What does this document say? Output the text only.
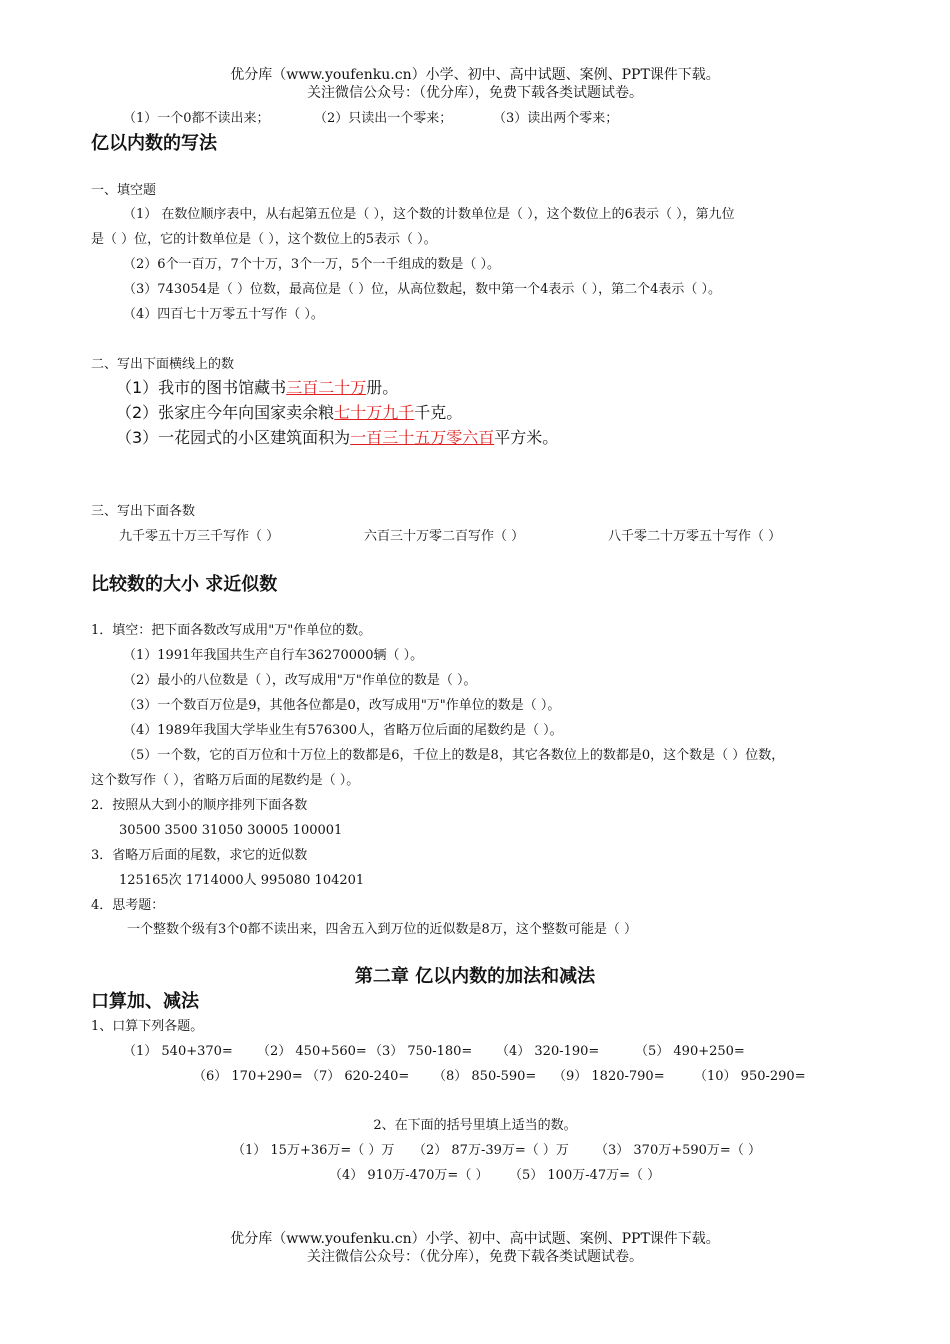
优分库（www.youfenku.cn）小学、初中、高中试题、案例、PPT课件下载。
关注微信公众号：（优分库），免费下载各类试题试卷。
（1）一个0都不读出来；	（2）只读出一个零来；	（3）读出两个零来；
亿以内数的写法
一、填空题
（1） 在数位顺序表中，从右起第五位是（ ），这个数的计数单位是（ ），这个数位上的6表示（ ），第九位
是（ ）位，它的计数单位是（ ），这个数位上的5表示（ ）。
（2）6个一百万，7个十万，3个一万，5个一千组成的数是（ ）。
（3）743054是（ ）位数，最高位是（ ）位，从高位数起，数中第一个4表示（ ），第二个4表示（ ）。
（4）四百七十万零五十写作（ ）。
二、写出下面横线上的数
（1）我市的图书馆藏书三百二十万册。
（2）张家庄今年向国家卖余粮七十万九千千克。
（3）一花园式的小区建筑面积为一百三十五万零六百平方米。
三、写出下面各数
九千零五十万三千写作（ ）	六百三十万零二百写作（ ）	八千零二十万零五十写作（ ）
比较数的大小 求近似数
1．填空：把下面各数改写成用"万"作单位的数。
（1）1991年我国共生产自行车36270000辆（ ）。
（2）最小的八位数是（ ），改写成用"万"作单位的数是（ ）。
（3）一个数百万位是9，其他各位都是0，改写成用"万"作单位的数是（ ）。
（4）1989年我国大学毕业生有576300人，省略万位后面的尾数约是（ ）。
（5）一个数，它的百万位和十万位上的数都是6，千位上的数是8，其它各数位上的数都是0，这个数是（ ）位数，
这个数写作（ ），省略万后面的尾数约是（ ）。
2．按照从大到小的顺序排列下面各数
30500 3500 31050 30005 100001
3．省略万后面的尾数，求它的近似数
125165次 1714000人 995080 104201
4．思考题：
一个整数个级有3个0都不读出来，四舍五入到万位的近似数是8万，这个整数可能是（ ）
第二章 亿以内数的加法和减法
口算加、减法
1、口算下列各题。
（1） 540+370= （2） 450+560= （3） 750-180= （4） 320-190=	（5） 490+250=
（6） 170+290= （7） 620-240= （8） 850-590= （9） 1820-790= （10） 950-290=
2、在下面的括号里填上适当的数。
（1） 15万+36万=（ ）万 （2） 87万-39万=（ ）万 （3） 370万+590万=（ ）
（4） 910万-470万=（ ） （5） 100万-47万=（ ）
优分库（www.youfenku.cn）小学、初中、高中试题、案例、PPT课件下载。
关注微信公众号：（优分库），免费下载各类试题试卷。
